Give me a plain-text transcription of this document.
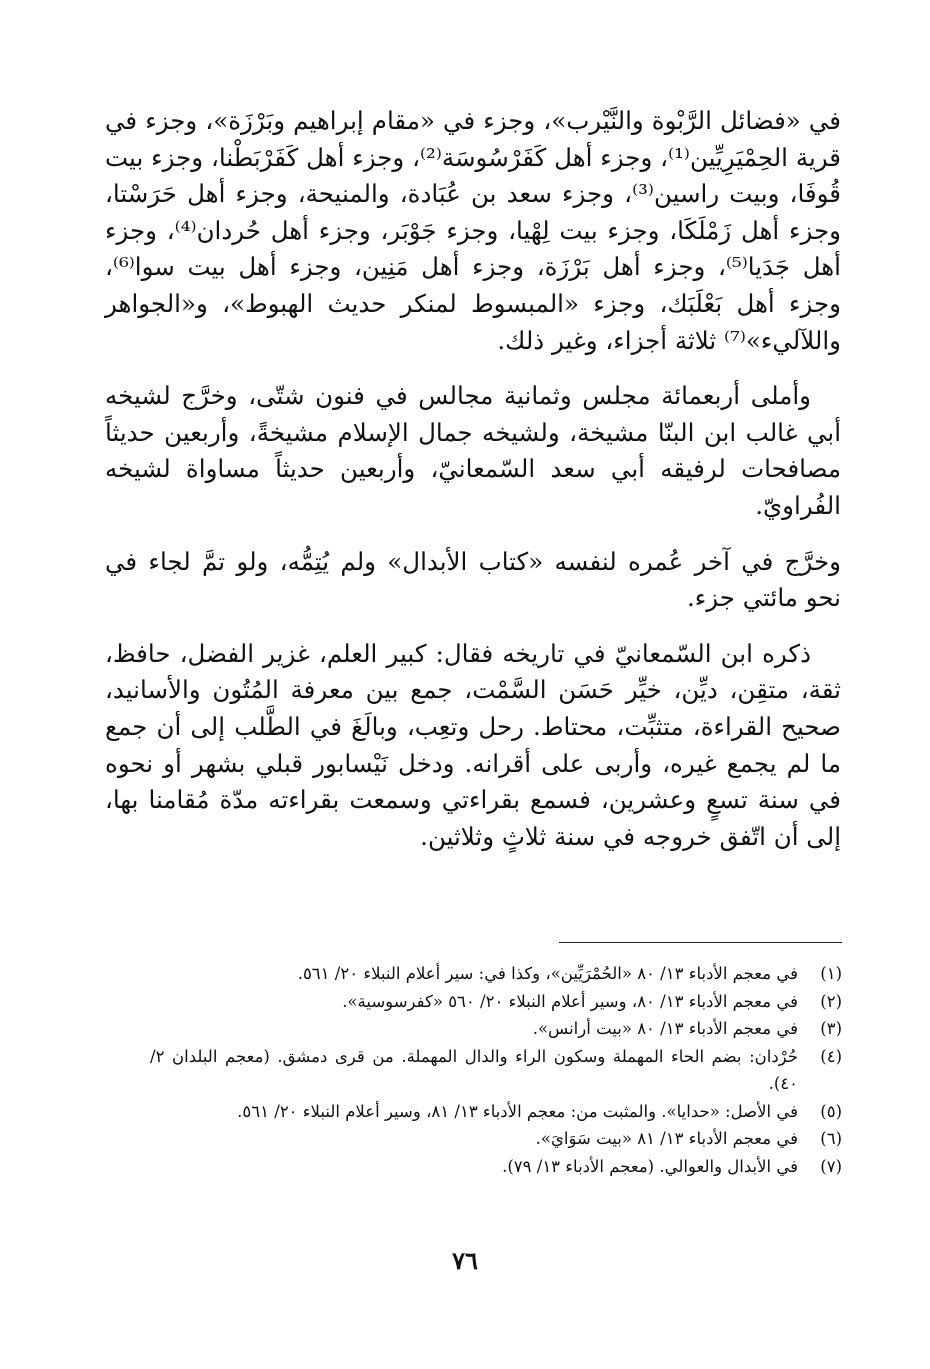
في «فضائل الرَّبْوة والنَّيْرب»، وجزء في «مقام إبراهيم وبَرْزَة»، وجزء في قرية الحِمْيَرِيِّين⁽¹⁾، وجزء أهل كَفَرْسُوسَة⁽²⁾، وجزء أهل كَفَرْبَطْنا، وجزء بيت قُوفَا، وبيت راسين⁽³⁾، وجزء سعد بن عُبَادة، والمنيحة، وجزء أهل حَرَسْتا، وجزء أهل زَمْلَكَا، وجزء بيت لِهْيا، وجزء جَوْبَر، وجزء أهل حُردان⁽⁴⁾، وجزء أهل جَدَيا⁽⁵⁾، وجزء أهل بَرْزَة، وجزء أهل مَنِين، وجزء أهل بيت سوا⁽⁶⁾، وجزء أهل بَعْلَبَك، وجزء «المبسوط لمنكر حديث الهبوط»، و«الجواهر واللآليء»⁽⁷⁾ ثلاثة أجزاء، وغير ذلك.

وأملى أربعمائة مجلس وثمانية مجالس في فنون شتّى، وخرَّج لشيخه أبي غالب ابن البنّا مشيخة، ولشيخه جمال الإسلام مشيخةً، وأربعين حديثاً مصافحات لرفيقه أبي سعد السّمعانيّ، وأربعين حديثاً مساواة لشيخه الفُراويّ.

وخرَّج في آخر عُمره لنفسه «كتاب الأبدال» ولم يُتِمُّه، ولو تمَّ لجاء في نحو مائتي جزء.

ذكره ابن السّمعانيّ في تاريخه فقال: كبير العلم، غزير الفضل، حافظ، ثقة، متقِن، ديِّن، خيِّر حَسَن السَّمْت، جمع بين معرفة المُتُون والأسانيد، صحيح القراءة، متثبِّت، محتاط. رحل وتعِب، وبالَغَ في الطَّلب إلى أن جمع ما لم يجمع غيره، وأربى على أقرانه. ودخل نَيْسابور قبلي بشهر أو نحوه في سنة تسعٍ وعشرين، فسمع بقراءتي وسمعت بقراءته مدّة مُقامنا بها، إلى أن اتّفق خروجه في سنة ثلاثٍ وثلاثين.

(١)
في معجم الأدباء ١٣/ ٨٠ «الحُمْرَيِّين»، وكذا في: سير أعلام النبلاء ٢٠/ ٥٦١.
(٢)
في معجم الأدباء ١٣/ ٨٠، وسير أعلام النبلاء ٢٠/ ٥٦٠ «كفرسوسية».
(٣)
في معجم الأدباء ١٣/ ٨٠ «بيت أرانس».
(٤)
حُرْدان: بضم الحاء المهملة وسكون الراء والدال المهملة. من قرى دمشق. (معجم البلدان ٢/ ٤٠).
(٥)
في الأصل: «حدايا». والمثبت من: معجم الأدباء ١٣/ ٨١، وسير أعلام النبلاء ٢٠/ ٥٦١.
(٦)
في معجم الأدباء ١٣/ ٨١ «بيت سَوَايَ».
(٧)
في الأبدال والعوالي. (معجم الأدباء ١٣/ ٧٩).
٧٦
